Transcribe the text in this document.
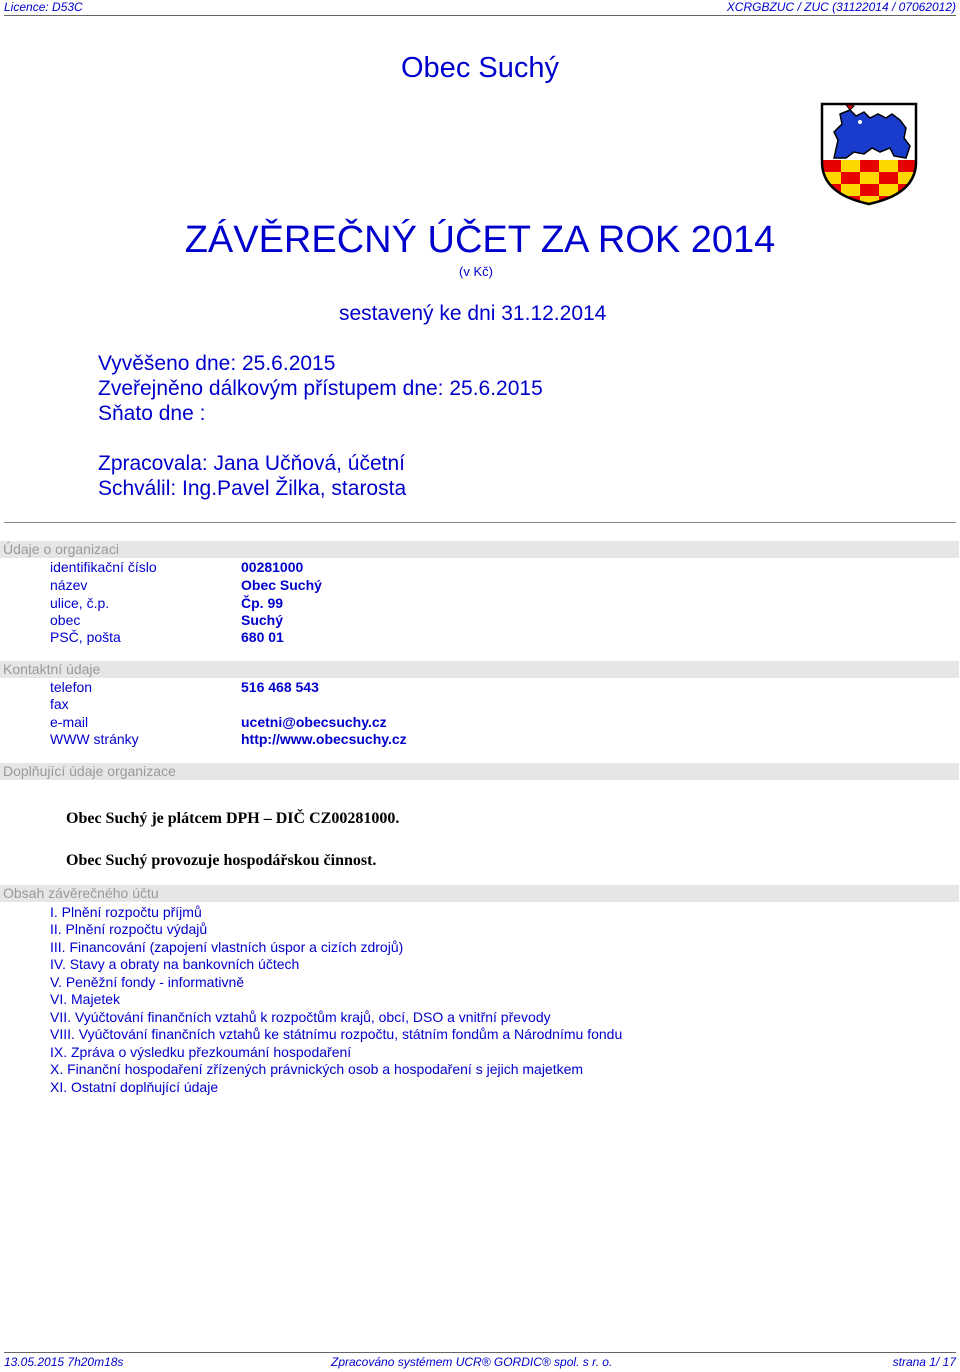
Licence: D53C	XCRGBZUC / ZUC (31122014 / 07062012)
Obec Suchý
ZÁVĚREČNÝ ÚČET ZA ROK 2014
(v Kč)
sestavený ke dni 31.12.2014
Vyvěšeno dne: 25.6.2015
Zveřejněno dálkovým přístupem dne: 25.6.2015
Sňato dne :
Zpracovala: Jana Učňová, účetní
Schválil: Ing.Pavel Žilka, starosta
Údaje o organizaci
identifikační číslo	00281000
název	Obec Suchý
ulice, č.p.	Čp. 99
obec	Suchý
PSČ, pošta	680 01
Kontaktní údaje
telefon	516 468 543
fax
e-mail	ucetni@obecsuchy.cz
WWW stránky	http://www.obecsuchy.cz
Doplňující údaje organizace
Obec Suchý je plátcem DPH – DIČ CZ00281000.
Obec Suchý provozuje hospodářskou činnost.
Obsah závěrečného účtu
I. Plnění rozpočtu příjmů
II. Plnění rozpočtu výdajů
III. Financování (zapojení vlastních úspor a cizích zdrojů)
IV. Stavy a obraty na bankovních účtech
V. Peněžní fondy - informativně
VI. Majetek
VII. Vyúčtování finančních vztahů k rozpočtům krajů, obcí, DSO a vnitřní převody
VIII. Vyúčtování finančních vztahů ke státnímu rozpočtu, státním fondům a Národnímu fondu
IX. Zpráva o výsledku přezkoumání hospodaření
X. Finanční hospodaření zřízených právnických osob a hospodaření s jejich majetkem
XI. Ostatní doplňující údaje
13.05.2015 7h20m18s	Zpracováno systémem UCR® GORDIC® spol. s r. o.	strana 1/ 17
